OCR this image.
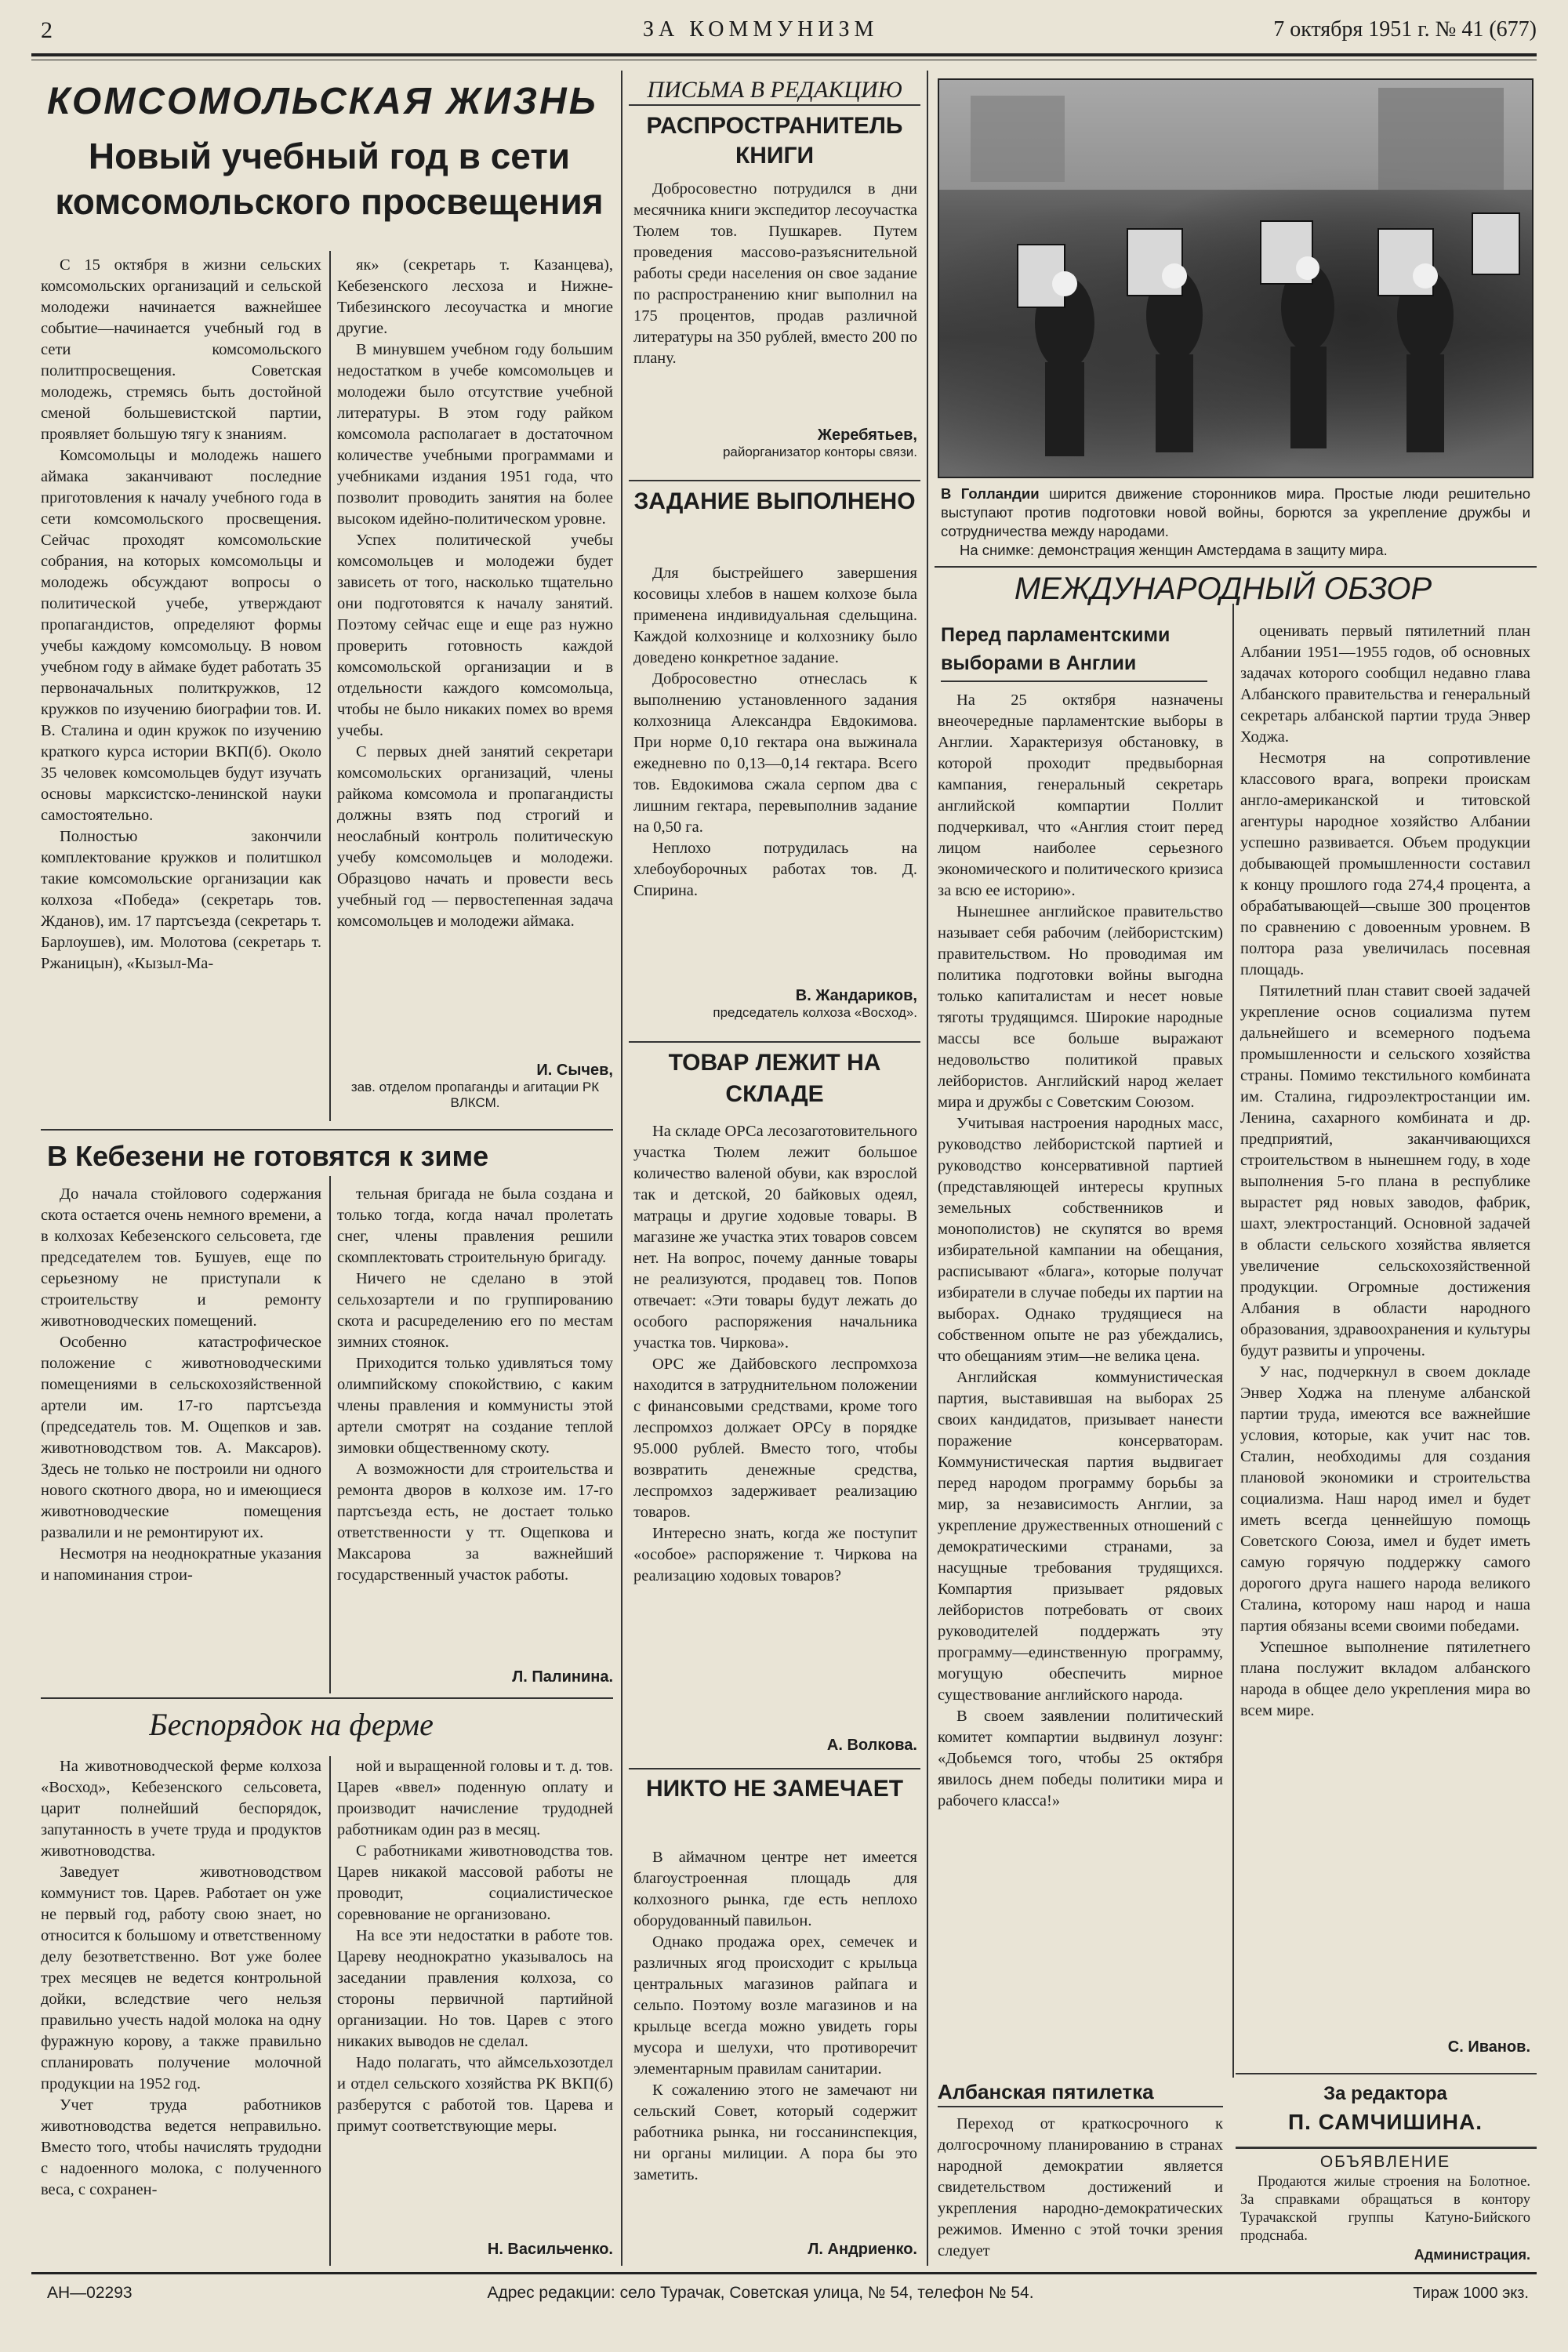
2	ЗА КОММУНИЗМ	7 октября 1951 г. № 41 (677)
КОМСОМОЛЬСКАЯ ЖИЗНЬ
Новый учебный год в сети комсомольского просвещения

С 15 октября в жизни сельских комсомольских организаций и сельской молодежи начинается важнейшее событие—начинается учебный год в сети комсомольского политпросвещения. Советская молодежь, стремясь быть достойной сменой большевистской партии, проявляет большую тягу к знаниям.

Комсомольцы и молодежь нашего аймака заканчивают последние приготовления к началу учебного года в сети комсомольского просвещения. Сейчас проходят комсомольские собрания, на которых комсомольцы и молодежь обсуждают вопросы о политической учебе, утверждают пропагандистов, определяют формы учебы каждому комсомольцу. В новом учебном году в аймаке будет работать 35 первоначальных политкружков, 12 кружков по изучению биографии тов. И. В. Сталина и один кружок по изучению краткого курса истории ВКП(б). Около 35 человек комсомольцев будут изучать основы марксистско-ленинской науки самостоятельно.

Полностью закончили комплектование кружков и политшкол такие комсомольские организации как колхоза «Победа» (секретарь тов. Жданов), им. 17 партсъезда (секретарь т. Барлоушев), им. Молотова (секретарь т. Ржаницын), «Кызыл-Ма-

як» (секретарь т. Казанцева), Кебезенского лесхоза и Нижне-Тибезинского лесоучастка и многие другие.

В минувшем учебном году большим недостатком в учебе комсомольцев и молодежи было отсутствие учебной литературы. В этом году райком комсомола располагает в достаточном количестве учебными программами и учебниками издания 1951 года, что позволит проводить занятия на более высоком идейно-политическом уровне.

Успех политической учебы комсомольцев и молодежи будет зависеть от того, насколько тщательно они подготовятся к началу занятий. Поэтому сейчас еще и еще раз нужно проверить готовность каждой комсомольской организации и в отдельности каждого комсомольца, чтобы не было никаких помех во время учебы.

С первых дней занятий секретари комсомольских организаций, члены райкома комсомола и пропагандисты должны взять под строгий и неослабный контроль политическую учебу комсомольцев и молодежи. Образцово начать и провести весь учебный год — первостепенная задача комсомольцев и молодежи аймака.

И. Сычев,
зав. отделом пропаганды и агитации РК ВЛКСМ.
В Кебезени не готовятся к зиме

До начала стойлового содержания скота остается очень немного времени, а в колхозах Кебезенского сельсовета, где председателем тов. Бушуев, еще по серьезному не приступали к строительству и ремонту животноводческих помещений.

Особенно катастрофическое положение с животноводческими помещениями в сельскохозяйственной артели им. 17-го партсъезда (председатель тов. М. Ощепков и зав. животноводством тов. А. Максаров). Здесь не только не построили ни одного нового скотного двора, но и имеющиеся животноводческие помещения развалили и не ремонтируют их.

Несмотря на неоднократные указания и напоминания стрoи-

тельная бригада не была создана и только тогда, когда начал пролетать снег, члены правления решили скомплектовать строительную бригаду.

Ничего не сделано в этой сельхозартели и по группированию скота и расupeделению его по местам зимних стоянок.

Приходится только удивляться тому олимпийскому спокойствию, с каким члены правления и коммунисты этой артели смотрят на создание теплой зимовки общественному скоту.

А возможности для строительства и ремонта дворов в колхозе им. 17-го партсъезда есть, не достает только ответственности у тт. Ощепкова и Максарова за важнейший государственный участок работы.

Л. Палинина.
Беспорядок на ферме

На животноводческой ферме колхоза «Восход», Кебезенского сельсовета, царит полнейший беспорядок, запутанность в учете труда и продуктов животноводства.

Заведует животноводством коммунист тов. Царев. Работает он уже не первый год, работу свою знает, но относится к большому и ответственному делу безответственно. Вот уже более трех месяцев не ведется контрольной дойки, вследствие чего нельзя правильно учесть надой молока на одну фуражную корову, а также правильно спланировать получение молочной продукции на 1952 год.

Учет труда работников животноводства ведется неправильно. Вместо того, чтобы начислять трудодни с надоенного молока, с полученного веса, с сохранен-

ной и выращенной головы и т. д. тов. Царев «ввел» поденную оплату и производит начисление трудодней работникам один раз в месяц.

С работниками животноводства тов. Царев никакой массовой работы не проводит, социалистическое соревнование не организовано.

На все эти недостатки в работе тов. Цареву неоднократно указывалось на заседании правления колхоза, со стороны первичной партийной организации. Но тов. Царев с этого никаких выводов не сделал.

Надо полагать, что аймсельхозотдел и отдел сельского хозяйства РК ВКП(б) разберутся с работой тов. Царева и примут соответствующие меры.

Н. Васильченко.
ПИСЬМА В РЕДАКЦИЮ
РАСПРОСТРАНИТЕЛЬ КНИГИ

Добросовестно потрудился в дни месячника книги экспедитор лесоучастка Тюлем тов. Пушкарев. Путем проведения массово-разъяснительной работы среди населения он свое задание по распространению книг выполнил на 175 процентов, продав различной литературы на 350 рублей, вместо 200 по плану.

Жеребятьев,
райорганизатор конторы связи.
ЗАДАНИЕ ВЫПОЛНЕНО

Для быстрейшего завершения косовицы хлебов в нашем колхозе была применена индивидуальная сдельщина. Каждой колхознице и колхознику было доведено конкретное задание.

Добросовестно отнеслась к выполнению установленного задания колхозница Александра Евдокимова. При норме 0,10 гектара она выжинала ежедневно по 0,13—0,14 гектара. Всего тов. Евдокимова сжала серпом два с лишним гектара, перевыполнив задание на 0,50 га.

Неплохо потрудилась на хлебоуборочных работах тов. Д. Спирина.

В. Жандариков,
председатель колхоза «Восход».
ТОВАР ЛЕЖИТ НА СКЛАДЕ

На складе ОРСа лесозаготовительного участка Тюлем лежит большое количество валеной обуви, как взрослой так и детской, 20 байковых одеял, матрацы и другие ходовые товары. В магазине же участка этих товаров совсем нет. На вопрос, почему данные товары не реализуются, продавец тов. Попов отвечает: «Эти товары будут лежать до особого распоряжения начальника участка тов. Чиркова».

ОРС же Дайбовского леспромхоза находится в затруднительном положении с финансовыми средствами, кроме того леспромхоз должает ОРСу в порядке 95.000 рублей. Вместо того, чтобы возвратить денежные средства, леспромхоз задерживает реализацию товаров.

Интересно знать, когда же поступит «особое» распоряжение т. Чиркова на реализацию ходовых товаров?

А. Волкова.
НИКТО НЕ ЗАМЕЧАЕТ

В аймачном центре нет имеется благоустроенная площадь для колхозного рынка, где есть неплохо оборудованный павильон.

Однако продажа орех, семечек и различных ягод происходит с крыльца центральных магазинов райпага и сельпо. Поэтому возле магазинов и на крыльце всегда можно увидеть горы мусора и шелухи, что противоречит элементарным правилам санитарии.

К сожалению этого не замечают ни сельский Совет, который содержит работника рынка, ни госсанинспекция, ни органы милиции. А пора бы это заметить.

Л. Андриенко.
В Голландии ширится движение сторонников мира. Простые люди решительно выступают против подготовки новой войны, борются за укрепление дружбы и сотрудничества между народами.
На снимке: демонстрация женщин Амстердама в защиту мира.
МЕЖДУНАРОДНЫЙ ОБЗОР
Перед парламентскими выборами в Англии

На 25 октября назначены внеочередные парламентские выборы в Англии. Характеризуя обстановку, в которой проходит предвыборная кампания, генеральный секретарь английской компартии Поллит подчеркивал, что «Англия стоит перед лицом наиболее серьезного экономического и политического кризиса за всю ее историю».

Нынешнее английское правительство называет себя рабочим (лейбористским) правительством. Но проводимая им политика подготовки войны выгодна только капиталистам и несет новые тяготы трудящимся. Широкие народные массы все больше выражают недовольство политикой правых лейбористов. Английский народ желает мира и дружбы с Советским Союзом.

Учитывая настроения народных масс, руководство лейбористской партией и руководство консервативной партией (представляющей интересы крупных земельных собственников и монополистов) не скупятся во время избирательной кампании на обещания, расписывают «блага», которые получат избиратели в случае победы их партии на выборах. Однако трудящиеся на собственном опыте не раз убеждались, что обещаниям этим—не велика цена.

Английская коммунистическая партия, выставившая на выборах 25 своих кандидатов, призывает нанести поражение консерваторам. Коммунистическая партия выдвигает перед народом программу борьбы за мир, за независимость Англии, за укрепление дружественных отношений с демократическими странами, за насущные требования трудящихся. Компартия призывает рядовых лейбористов потребовать от своих руководителей поддержать эту программу—единственную программу, могущую обеспечить мирное существование английского народа.

В своем заявлении политический комитет компартии выдвинул лозунг: «Добьемся того, чтобы 25 октября явилось днем победы политики мира и рабочего класса!»

Албанская пятилетка

Переход от краткосрочного к долгосрочному планированию в странах народной демократии является свидетельством достижений и укрепления народно-демократических режимов. Именно с этой точки зрения следует

оценивать первый пятилетний план Албании 1951—1955 годов, об основных задачах которого сообщил недавно глава Албанского правительства и генеральный секретарь албанской партии труда Энвер Ходжа.

Несмотря на сопротивление классового врага, вопреки проискам англо-американской и титовской агентуры народное хозяйство Албании успешно развивается. Объем продукции добывающей промышленности составил к концу прошлого года 274,4 процента, а обрабатывающей—свыше 300 процентов по сравнению с довоенным уровнем. В полтора раза увеличилась посевная площадь.

Пятилетний план ставит своей задачей укрепление основ социализма путем дальнейшего и всемерного подъема промышленности и сельского хозяйства страны. Помимо текстильного комбината им. Сталина, гидроэлектростанции им. Ленина, сахарного комбината и др. предприятий, заканчивающихся строительством в нынешнем году, в ходе выполнения 5-го плана в республике вырастет ряд новых заводов, фабрик, шахт, электростанций. Основной задачей в области сельского хозяйства является увеличение сельскохозяйственной продукции. Огромные достижения Албания в области народного образования, здравоохранения и культуры будут развиты и упрочены.

У нас, подчеркнул в своем докладе Энвер Ходжа на пленуме албанской партии труда, имеются все важнейшие условия, которые, как учит нас тов. Сталин, необходимы для создания плановой экономики и строительства социализма. Наш народ имел и будет иметь всегда ценнейшую помощь Советского Союза, имел и будет иметь самую горячую поддержку самого дорогого друга нашего народа великого Сталина, которому наш народ и наша партия обязаны всеми своими победами.

Успешное выполнение пятилетнего плана послужит вкладом албанского народа в общее дело укрепления мира во всем мире.

С. Иванов.
За редактора
П. САМЧИШИНА.
ОБЪЯВЛЕНИЕ
Продаются жилые строения на Болотное. За справками обращаться в контору Турачакской группы Катуно-Бийского продснаба.
Администрация.
АН—02293	Адрес редакции: село Турачак, Советская улица, № 54, телефон № 54.	Тираж 1000 экз.
